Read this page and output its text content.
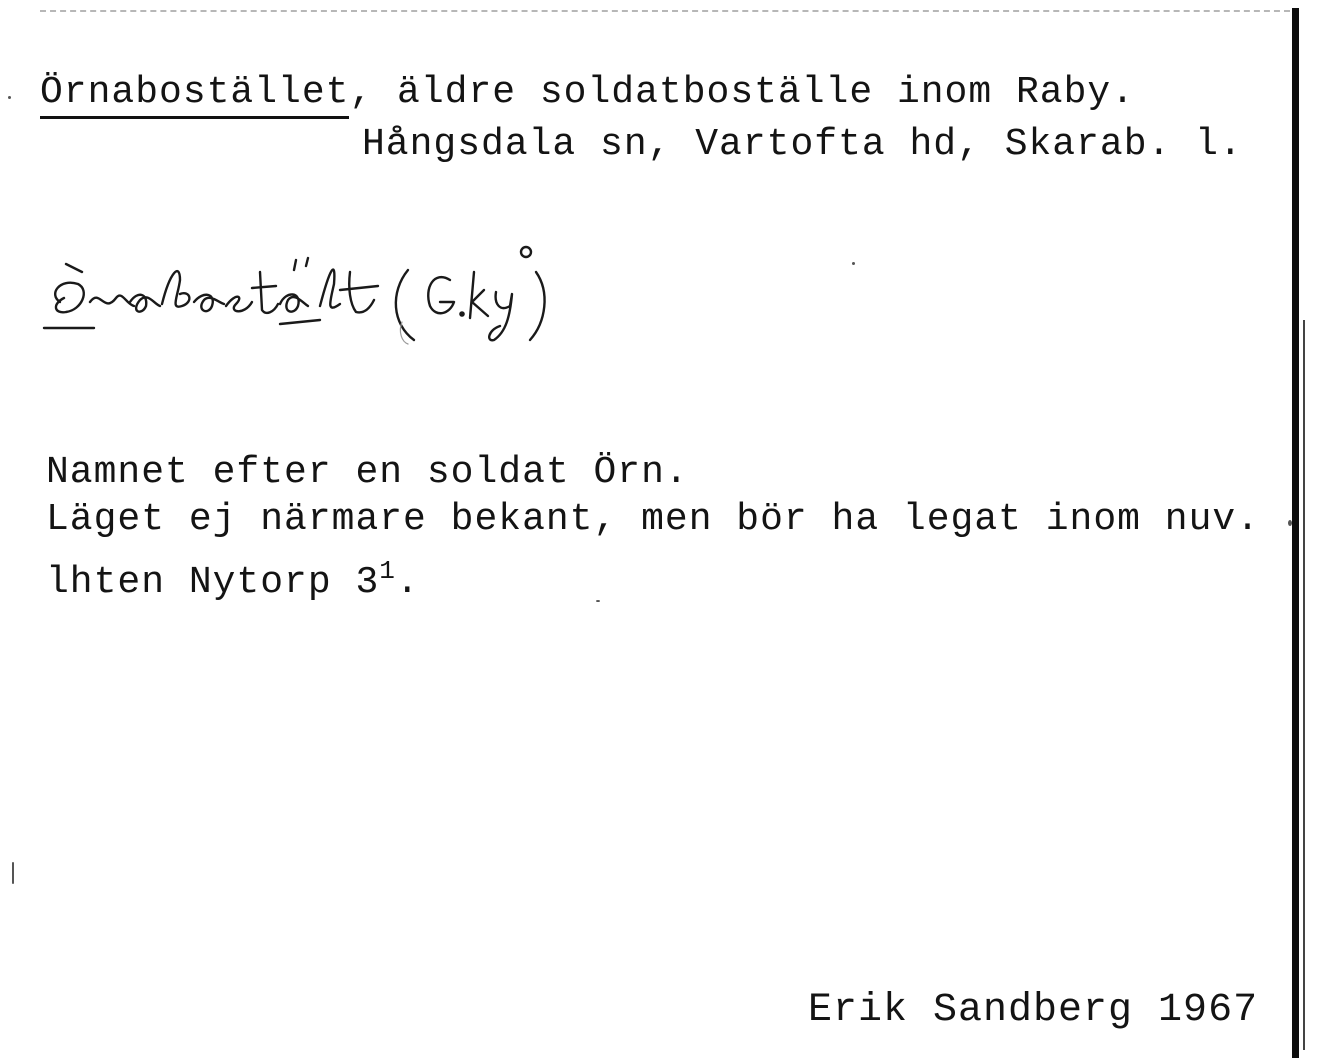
Örnabostället, äldre soldatboställe inom Raby.
Hångsdala sn, Vartofta hd, Skarab. l.
Namnet efter en soldat Örn.
Läget ej närmare bekant, men bör ha legat inom nuv.
lhten Nytorp $3^1$.
Erik Sandberg 1967
